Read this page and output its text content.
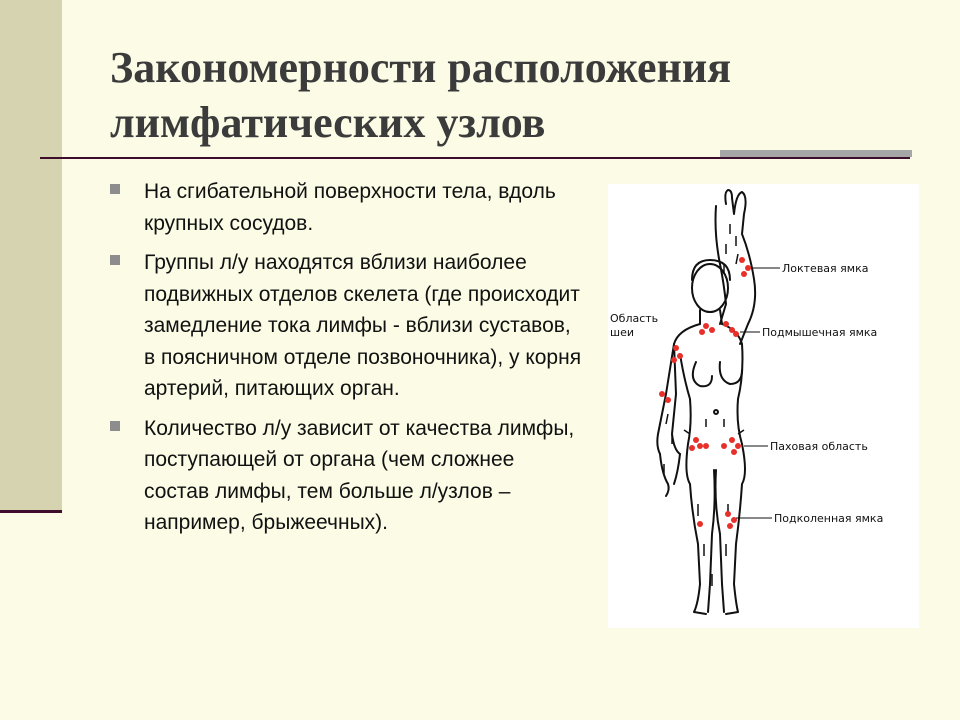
Закономерности расположения
лимфатических узлов
На сгибательной поверхности тела, вдоль крупных сосудов.
Группы л/у находятся вблизи наиболее подвижных отделов скелета (где происходит замедление тока лимфы - вблизи суставов, в поясничном отделе позвоночника), у корня артерий, питающих орган.
Количество л/у зависит от качества лимфы, поступающей от органа (чем сложнее состав лимфы, тем больше л/узлов – например, брыжеечных).
Область
шеи
Локтевая ямка
Подмышечная ямка
Паховая область
Подколенная ямка
